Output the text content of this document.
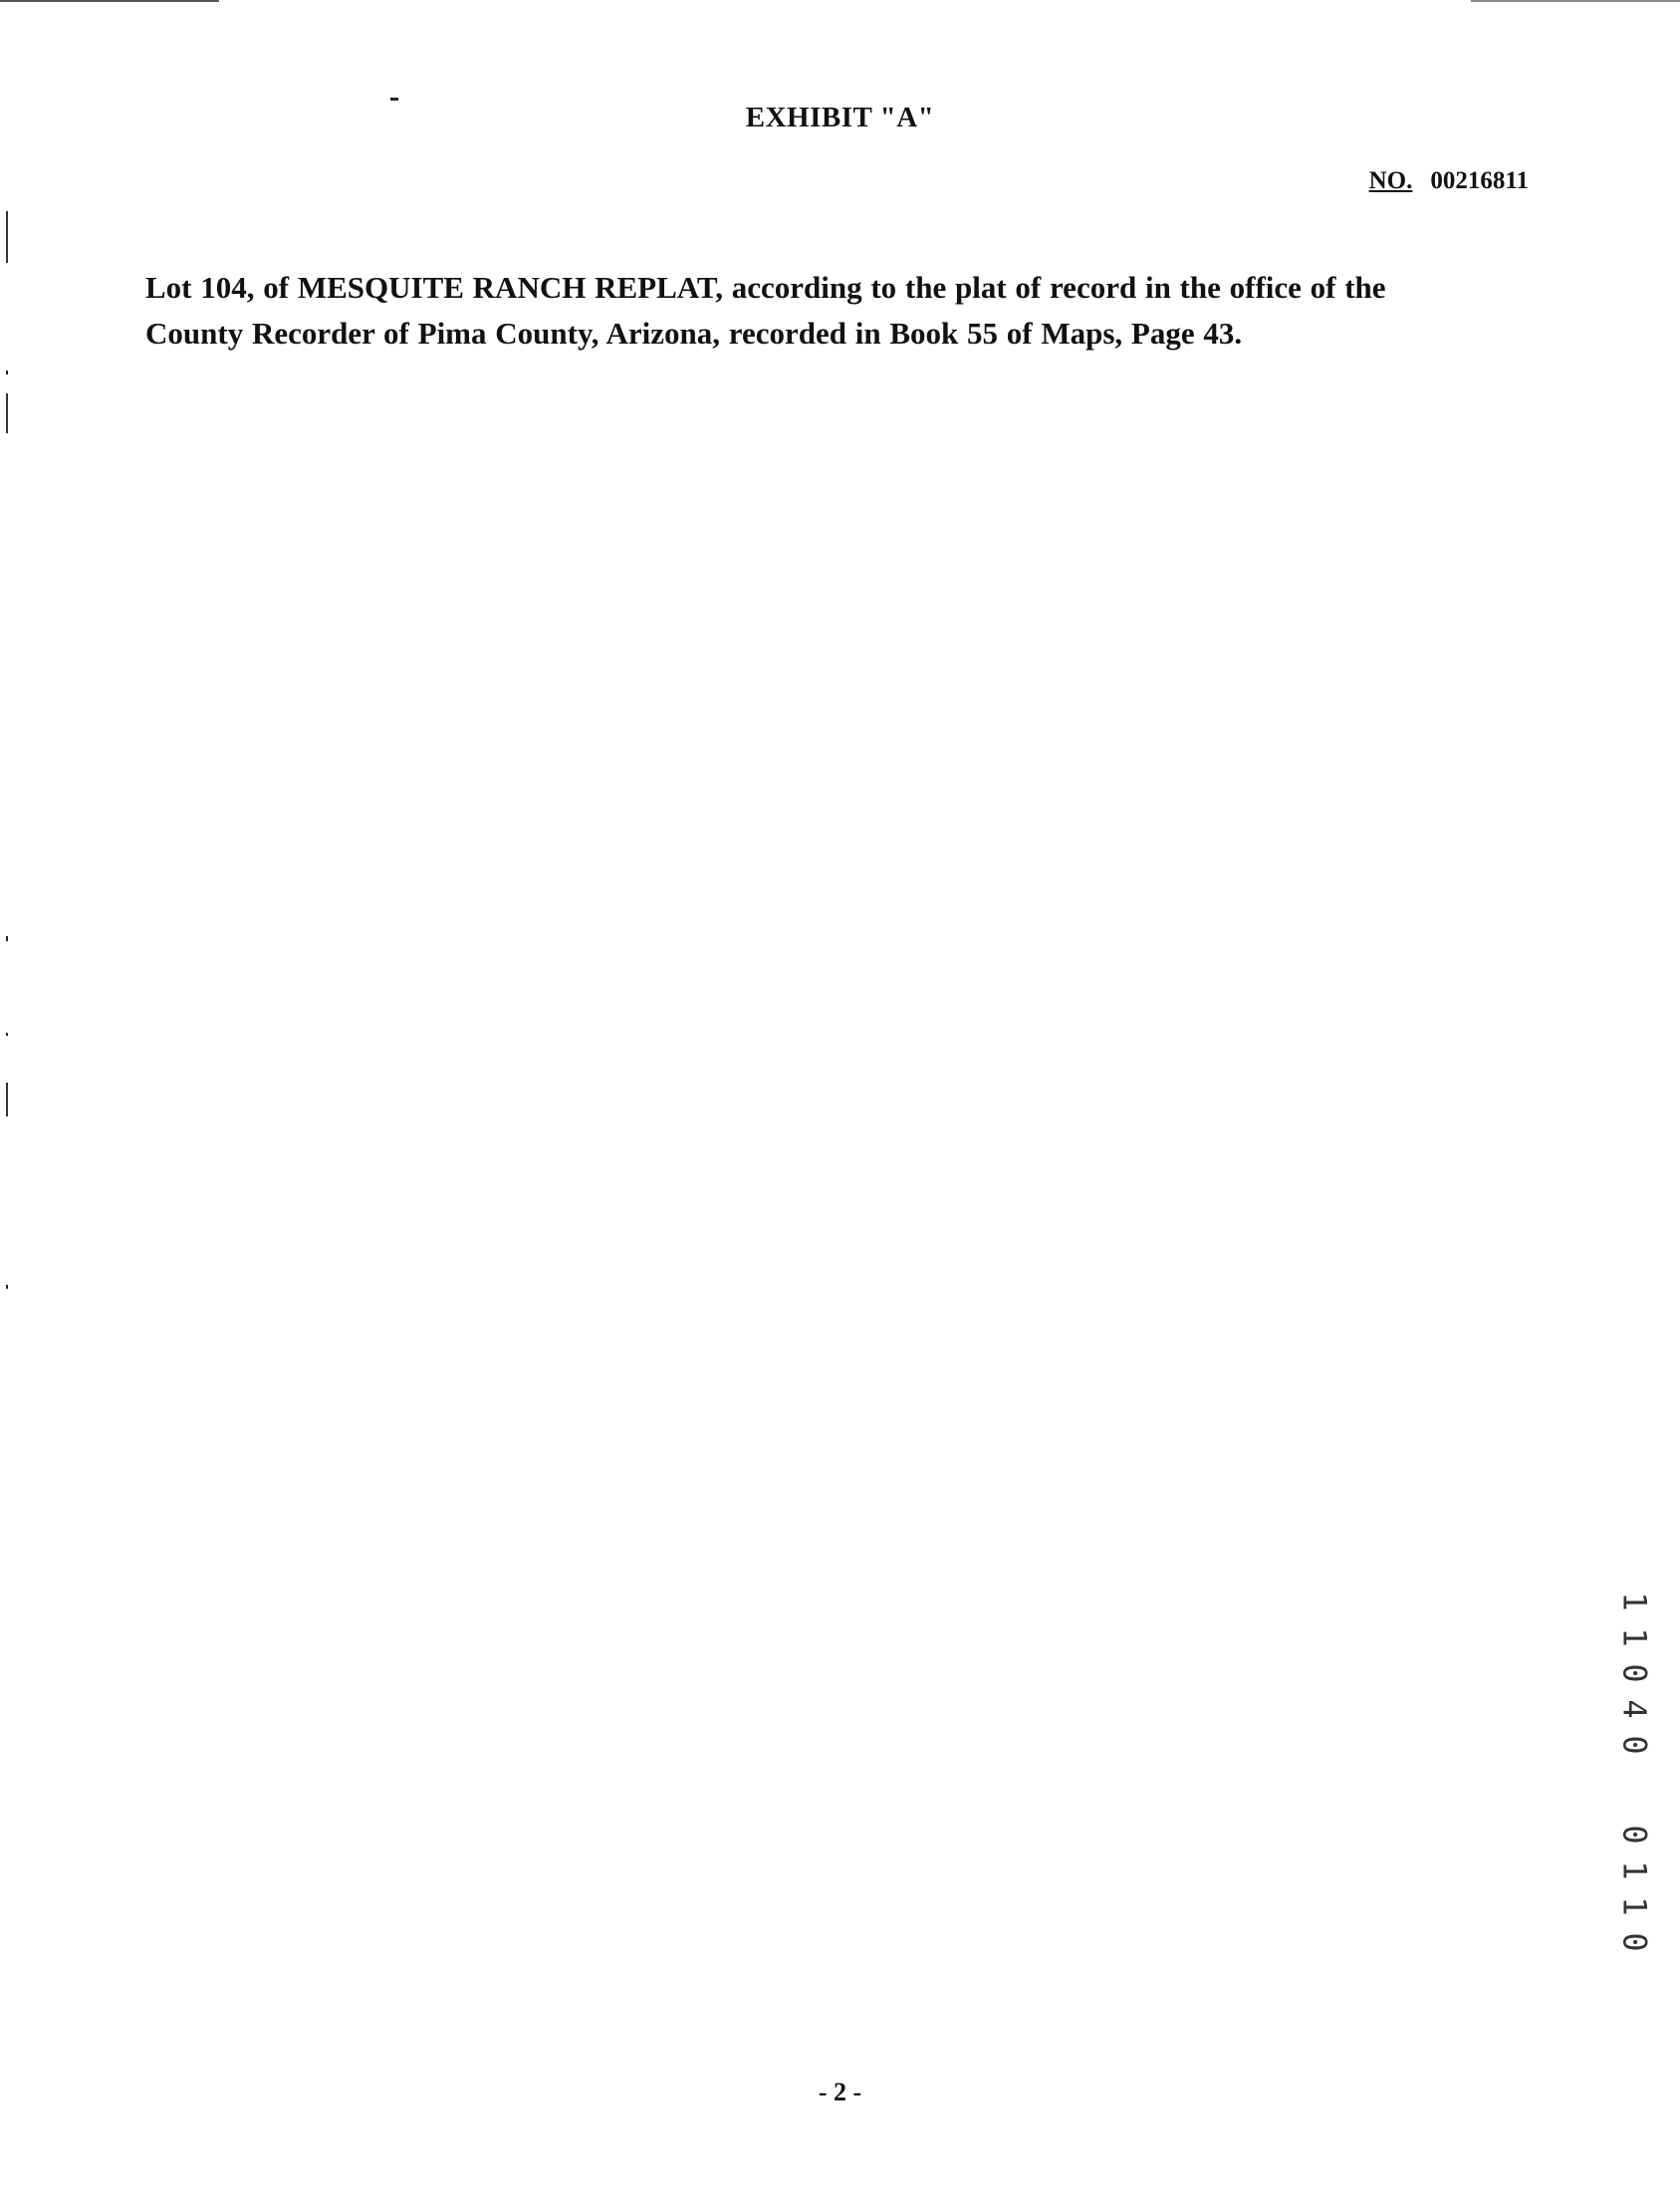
EXHIBIT "A"
NO. 00216811
Lot 104, of MESQUITE RANCH REPLAT, according to the plat of record in the office of the
County Recorder of Pima County, Arizona, recorded in Book 55 of Maps, Page 43.
1
1
0
4
0
0
1
1
0
- 2 -
